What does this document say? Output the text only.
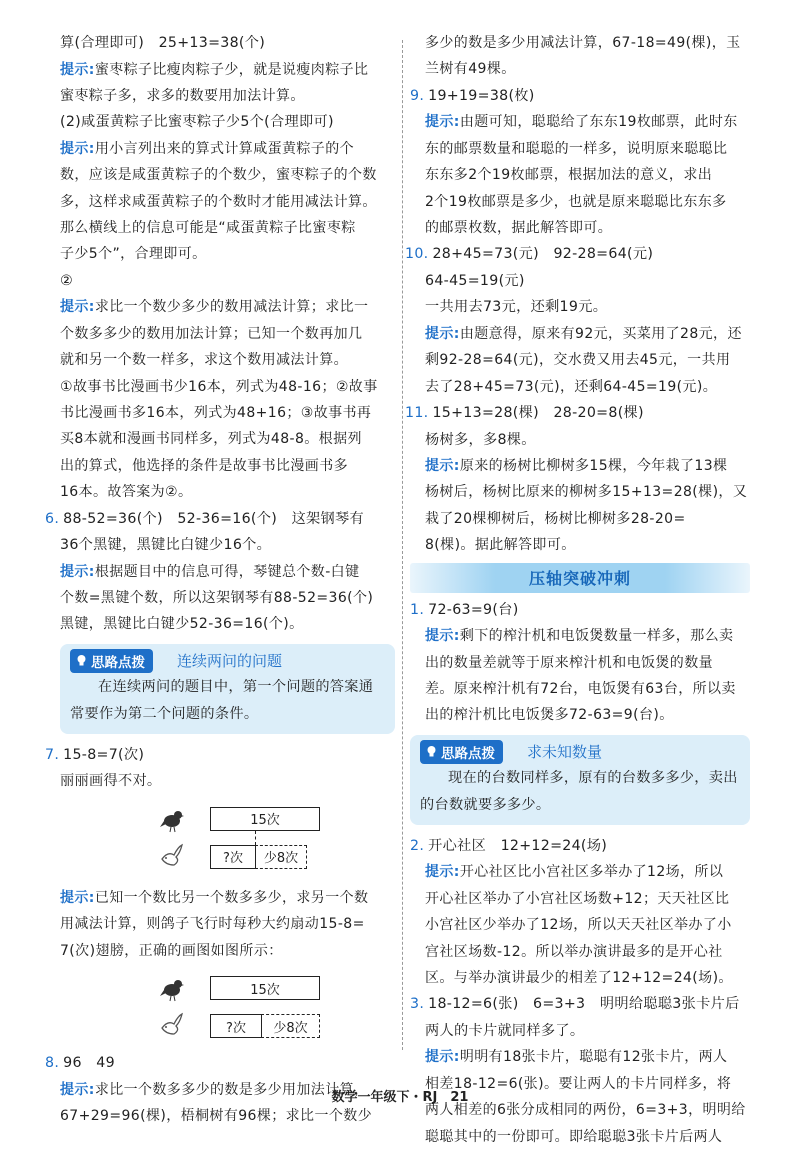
算(合理即可)　25+13=38(个)

提示:蜜枣粽子比瘦肉粽子少，就是说瘦肉粽子比

蜜枣粽子多，求多的数要用加法计算。

(2)咸蛋黄粽子比蜜枣粽子少5个(合理即可)

提示:用小言列出来的算式计算咸蛋黄粽子的个

数，应该是咸蛋黄粽子的个数少，蜜枣粽子的个数

多，这样求咸蛋黄粽子的个数时才能用减法计算。

那么横线上的信息可能是“咸蛋黄粽子比蜜枣粽

子少5个”，合理即可。

②

提示:求比一个数少多少的数用减法计算；求比一

个数多多少的数用加法计算；已知一个数再加几

就和另一个数一样多，求这个数用减法计算。

①故事书比漫画书少16本，列式为48-16；②故事

书比漫画书多16本，列式为48+16；③故事书再

买8本就和漫画书同样多，列式为48-8。根据列

出的算式，他选择的条件是故事书比漫画书多

16本。故答案为②。

6. 88-52=36(个)　52-36=16(个)　这架钢琴有

36个黑键，黑键比白键少16个。

提示:根据题目中的信息可得，琴键总个数-白键

个数=黑键个数，所以这架钢琴有88-52=36(个)

黑键，黑键比白键少52-36=16(个)。

思路点拨 连续两问的问题

在连续两问的题目中，第一个问题的答案通常要作为第二个问题的条件。

7. 15-8=7(次)

丽丽画得不对。

15次
?次 少8次

提示:已知一个数比另一个数多多少，求另一个数

用减法计算，则鸽子飞行时每秒大约扇动15-8=

7(次)翅膀，正确的画图如图所示：

15次
?次 少8次

8. 96　49

提示:求比一个数多多少的数是多少用加法计算，

67+29=96(棵)，梧桐树有96棵；求比一个数少

多少的数是多少用减法计算，67-18=49(棵)，玉

兰树有49棵。

9. 19+19=38(枚)

提示:由题可知，聪聪给了东东19枚邮票，此时东

东的邮票数量和聪聪的一样多，说明原来聪聪比

东东多2个19枚邮票，根据加法的意义，求出

2个19枚邮票是多少，也就是原来聪聪比东东多

的邮票枚数，据此解答即可。

10. 28+45=73(元)　92-28=64(元)

64-45=19(元)

一共用去73元，还剩19元。

提示:由题意得，原来有92元，买菜用了28元，还

剩92-28=64(元)，交水费又用去45元，一共用

去了28+45=73(元)，还剩64-45=19(元)。

11. 15+13=28(棵)　28-20=8(棵)

杨树多，多8棵。

提示:原来的杨树比柳树多15棵，今年栽了13棵

杨树后，杨树比原来的柳树多15+13=28(棵)，又

栽了20棵柳树后，杨树比柳树多28-20=

8(棵)。据此解答即可。

压轴突破冲刺

1. 72-63=9(台)

提示:剩下的榨汁机和电饭煲数量一样多，那么卖

出的数量差就等于原来榨汁机和电饭煲的数量

差。原来榨汁机有72台，电饭煲有63台，所以卖

出的榨汁机比电饭煲多72-63=9(台)。

思路点拨 求未知数量

现在的台数同样多，原有的台数多多少，卖出的台数就要多多少。

2. 开心社区　12+12=24(场)

提示:开心社区比小宫社区多举办了12场，所以

开心社区举办了小宫社区场数+12；天天社区比

小宫社区少举办了12场，所以天天社区举办了小

宫社区场数-12。所以举办演讲最多的是开心社

区。与举办演讲最少的相差了12+12=24(场)。

3. 18-12=6(张)　6=3+3　明明给聪聪3张卡片后

两人的卡片就同样多了。

提示:明明有18张卡片，聪聪有12张卡片，两人

相差18-12=6(张)。要让两人的卡片同样多，将

两人相差的6张分成相同的两份，6=3+3，明明给

聪聪其中的一份即可。即给聪聪3张卡片后两人

数学一年级下・RJ　21
